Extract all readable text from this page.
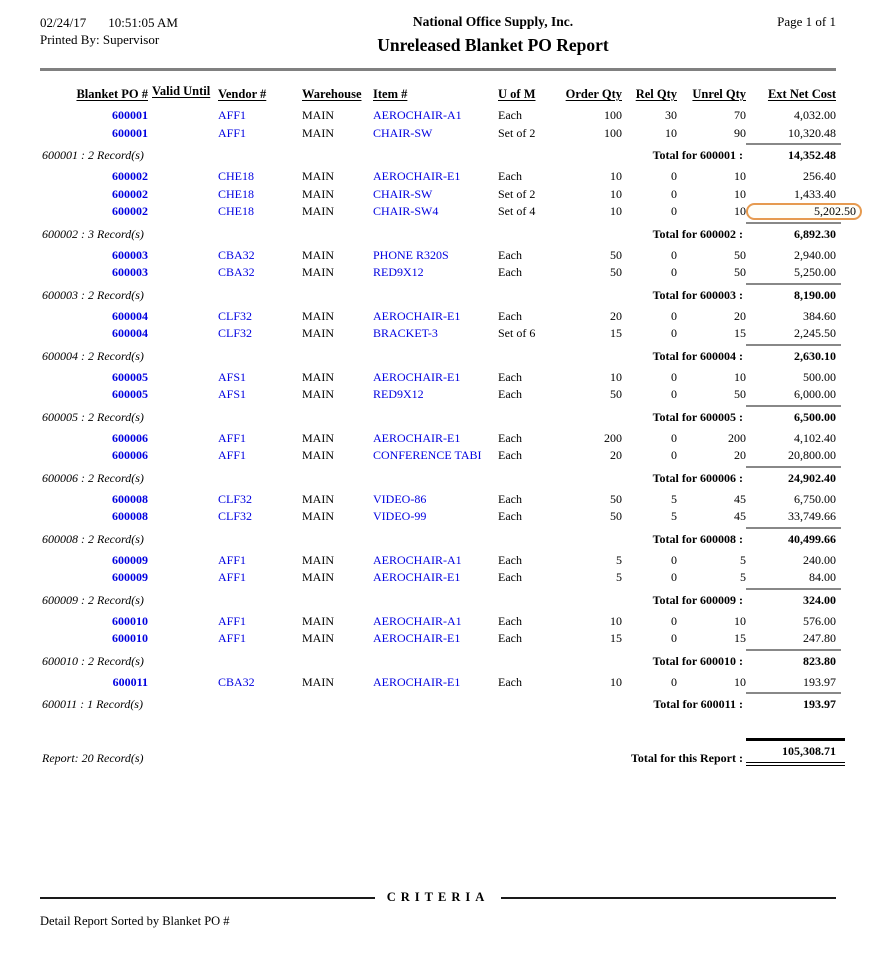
02/24/17 10:51:05 AM
Printed By: Supervisor
National Office Supply, Inc.
Unreleased Blanket PO Report
Page 1 of 1
Blanket PO # Valid Until Vendor #	Warehouse Item #	U of M	Order Qty	Rel Qty	Unrel Qty	Ext Net Cost
600001	AFF1	MAIN	AEROCHAIR-A1	Each	100	30	70	4,032.00
600001	AFF1	MAIN	CHAIR-SW	Set of 2	100	10	90	10,320.48
600001 : 2 Record(s)	Total for 600001 :	14,352.48
600002	CHE18	MAIN	AEROCHAIR-E1	Each	10	0	10	256.40
600002	CHE18	MAIN	CHAIR-SW	Set of 2	10	0	10	1,433.40
600002	CHE18	MAIN	CHAIR-SW4	Set of 4	10	0	10	5,202.50
600002 : 3 Record(s)	Total for 600002 :	6,892.30
600003	CBA32	MAIN	PHONE R320S	Each	50	0	50	2,940.00
600003	CBA32	MAIN	RED9X12	Each	50	0	50	5,250.00
600003 : 2 Record(s)	Total for 600003 :	8,190.00
600004	CLF32	MAIN	AEROCHAIR-E1	Each	20	0	20	384.60
600004	CLF32	MAIN	BRACKET-3	Set of 6	15	0	15	2,245.50
600004 : 2 Record(s)	Total for 600004 :	2,630.10
600005	AFS1	MAIN	AEROCHAIR-E1	Each	10	0	10	500.00
600005	AFS1	MAIN	RED9X12	Each	50	0	50	6,000.00
600005 : 2 Record(s)	Total for 600005 :	6,500.00
600006	AFF1	MAIN	AEROCHAIR-E1	Each	200	0	200	4,102.40
600006	AFF1	MAIN	CONFERENCE TABI	Each	20	0	20	20,800.00
600006 : 2 Record(s)	Total for 600006 :	24,902.40
600008	CLF32	MAIN	VIDEO-86	Each	50	5	45	6,750.00
600008	CLF32	MAIN	VIDEO-99	Each	50	5	45	33,749.66
600008 : 2 Record(s)	Total for 600008 :	40,499.66
600009	AFF1	MAIN	AEROCHAIR-A1	Each	5	0	5	240.00
600009	AFF1	MAIN	AEROCHAIR-E1	Each	5	0	5	84.00
600009 : 2 Record(s)	Total for 600009 :	324.00
600010	AFF1	MAIN	AEROCHAIR-A1	Each	10	0	10	576.00
600010	AFF1	MAIN	AEROCHAIR-E1	Each	15	0	15	247.80
600010 : 2 Record(s)	Total for 600010 :	823.80
600011	CBA32	MAIN	AEROCHAIR-E1	Each	10	0	10	193.97
600011 : 1 Record(s)	Total for 600011 :	193.97
Report: 20 Record(s)	Total for this Report :	105,308.71
CRITERIA
Detail Report Sorted by Blanket PO #
